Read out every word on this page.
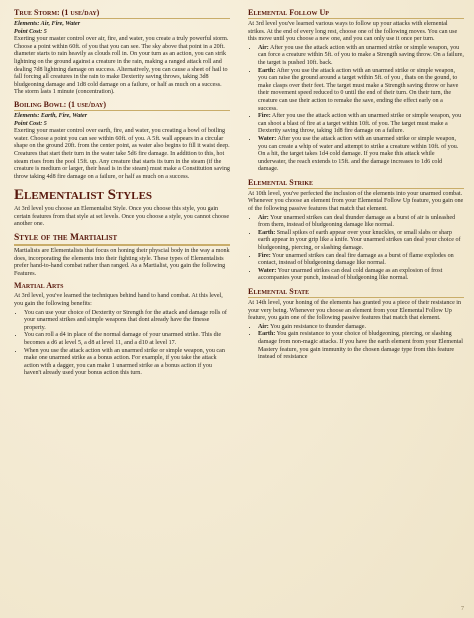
True Storm: (1 use/day)

Elements: Air, Fire, Water

Point Cost: 5

Exerting your master control over air, fire, and water, you create a truly powerful storm. Choose a point within 60ft. of you that you can see. The sky above that point in a 20ft. diameter starts to rain heavily as clouds roll in. On your turn as an action, you can strik lightning on the ground against a creature in the rain, making a ranged attack roll and dealing 7d8 lightning damage on success. Alternatively, you can cause a sheet of hail to fall forcing all creatures in the rain to make Dexterity saving throws, taking 3d8 bludgeoning damage and 1d8 cold damage on a failure, or half as much on a success. The storm lasts 1 minute (concentration).

Boiling Bowl: (1 use/day)

Elements: Earth, Fire, Water

Point Cost: 5

Exerting your master control over earth, fire, and water, you creating a bowl of boiling water. Choose a point you can see within 60ft. of you. A 5ft. wall appears in a circular shape on the ground 20ft. from the center point, as water also begins to fill it waist deep. Creatures that start their turn in the water take 5d6 fire damage. In addition to this, hot steam rises from the pool 15ft. up. Any creature that starts its turn in the steam (if the creature is medium or larger, their head is in the steam) must make a Constitution saving throw taking 4d8 fire damage on a failure, or half as much on a success.

Elementalist Styles

At 3rd level you choose an Elementalist Style. Once you choose this style, you gain certain features from that style at set levels. Once you choose a style, you cannot choose another one.

Style of the Martialist

Martialists are Elementalists that focus on honing their physcial body in the way a monk does, incorporating the elements into their fighting style. These types of Elementalists prefer hand-to-hand combat rather than ranged. As a Martialist, you gain the following Features.

Martial Arts

At 3rd level, you've learned the techniques behind hand to hand combat. At this level, you gain the following benefits:

• You can use your choice of Dexterity or Strength for the attack and damage rolls of your unarmed strikes and simple weapons that dont already have the finesse property.
• You can roll a d4 in place of the normal damage of your unarmed strike. This die becomes a d6 at level 5, a d8 at level 11, and a d10 at level 17.
• When you use the attack action with an unarmed strike or simple weapon, you can make one unarmed strike as a bonus action. For example, if you take the attack action with a dagger, you can make 1 unarmed strike as a bonus action if you haven't already used your bonus action this turn.
Elemental Follow Up

At 3rd level you've learned various ways to follow up your attacks with elemental strikes. At the end of every long rest, choose one of the following moves. You can use this move until you choose a new one, and you can only use it once per turn.

• Air: After you use the attack action with an unarmed strike or simple weapon, you can force a creature within 5ft. of you to make a Strength saving throw. On a failure, the target is pushed 10ft. back.
• Earth: After you use the attack action with an unarmed strike or simple weapon, you can raise the ground around a target within 5ft. of you , thats on the gound, to make clasps over their feet. The target must make a Strength saving throw or have their movement speed reduced to 0 until the end of their turn. On their turn, the creature can use their action to remake the save, ending the effect early on a success.
• Fire: After you use the attack action with an unarmed strike or simple weapon, you can shoot a blast of fire at a target within 10ft. of you. The target must make a Dexterity saving throw, taking 1d8 fire damage on a failure.
• Water: After you use the attack action with an unarmed strike or simple weapon, you can create a whip of water and attempt to strike a creature within 10ft. of you. On a hit, the target takes 1d4 cold damage. If you make this attack while underwater, the reach extends to 15ft. and the damage increases to 1d6 cold damage.
Elemental Strike

At 10th level, you've perfected the inclusion of the elements into your unarmed combat. Whenever you choose an element from your Elemental Follow Up feature, you gain one of the following passive features that match that element.

• Air: Your unarmed strikes can deal thunder damage as a burst of air is unleashed from them, instead of bludgeoning damage like normal.
• Earth: Small spikes of earth appear over your knuckles, or small slabs or sharp earth appear in your grip like a knife. Your unarmed strikes can deal your choice of bludgeoning, piercing, or slashing damage.
• Fire: Your unarmed strikes can deal fire damage as a burst of flame explodes on contact, instead of bludgeoning damage like normal.
• Water: Your unarmed strikes can deal cold damage as an explosion of frost accompanies your punch, instead of bludgeoning like normal.
Elemental State

At 14th level, your honing of the elements has granted you a piece of their resistance in your very being. Whenever you choose an element from your Elemental Follow Up feature, you gain one of the following passive features that match that element.

• Air: You gain resistance to thunder damage.
• Earth: You gain resistance to your choice of bludgeoning, piercing, or slashing damage from non-magic attacks. If you have the earth element from your Elemental Mastery feature, you gain immunity to the chosen damage type from this feature instead of resistance
7
